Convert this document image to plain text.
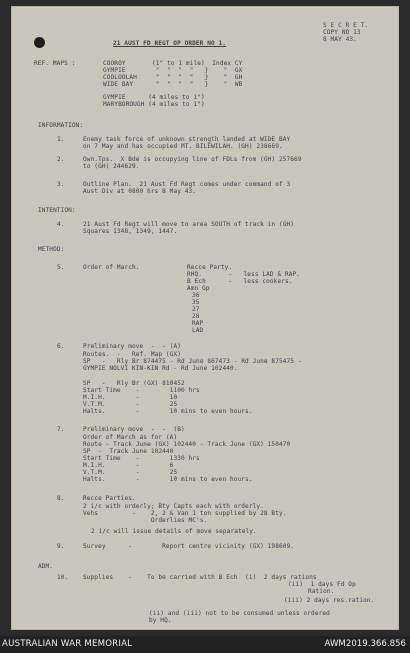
S E C R E T.
COPY NO 13
8 MAY 43.
21 AUST FD REGT OP ORDER NO 1.
REF. MAPS :	COOROY       (1" to 1 mile)  Index CY
GYMPIE        "  "  "  "   }    "  GX
COOLOOLAH     "  "  "  "   }    "  GH
WIDE BAY      "  "  "  "   }    "  WB
GYMPIE      (4 miles to 1")
MARYBOROUGH (4 miles to 1")
INFORMATION:
1.	Enemy task force of unknown strength landed at WIDE BAY
on 7 May and has occupied MT. BILEWILAH. (GH) 238669.
2.	Own.Tps.  X Bde is occupying line of FDLs from (GH) 257669
to (GH) 244629.
3.	Outline Plan.  21 Aust Fd Regt comes under command of 3
Aust Div at 0800 hrs 8 May 43.
INTENTION:
4.	21 Aust Fd Regt will move to area SOUTH of track in (GH)
Squares 1348, 1349, 1447.
METHOD:
5.	Order of March.	Recce Party.
RHQ.       -   less LAD & RAP.
B Ech      -   less cookers.
Amn Gp
36
35
27
28
RAP
LAD
6.	Preliminary move  -  - (A)
Routes.  -   Ref. Map (GX)
SP   -   Rly Br 874475 - Rd June 867473 - Rd June 875475 -
GYMPIE NOLVI KIN-KIN Rd - Rd June 102440.
SP   -   Rly Br (GX) 810452
Start Time    -        1100 hrs
M.I.H.        -        10
V.T.M.        -        25
Halts.        -        10 mins to even hours.
7.	Preliminary move  -  -  (B)
Order of March as for (A)
Route - Track June (GX) 102440 - Track June (GX) 150470
SP  -  Track June 102440
Start Time    -        1330 hrs
M.I.H.        -        6
V.T.M.        -        25
Halts.        -        10 mins to even hours.
8.	Recce Parties.
2 i/c with orderly; Bty Capts each with orderly.
Vehs         -    2, 2 & Van 1 ton supplied by 28 Bty.
Orderlies MC's.
2 i/c will issue details of move separately.
9.	Survey      -        Report centre vicinity (GX) 198609.
ADM.
10. Supplies    -    To be carried with B Ech  (i)  2 days rations
(ii)  1 days Fd Op
Ration.
(iii) 2 days res.ration.
(ii) and (iii) not to be consumed unless ordered
by HQ.
AUSTRALIAN WAR MEMORIAL	AWM2019.366.856
